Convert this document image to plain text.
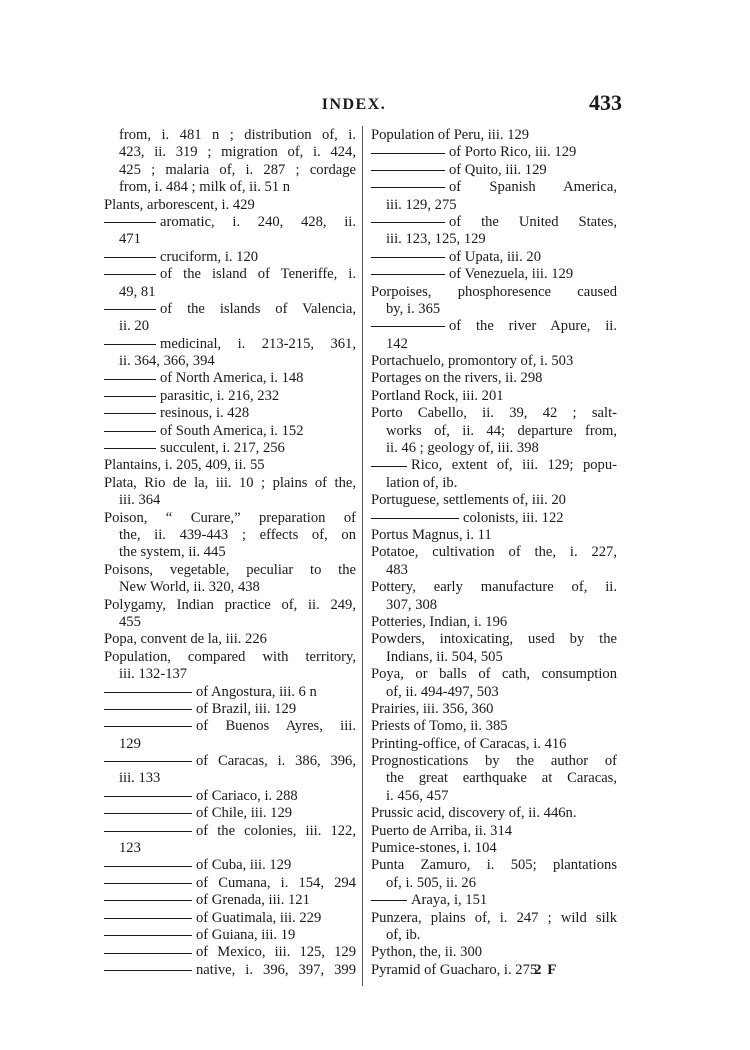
INDEX.	433
from, i. 481 n ; distribution of, i.
423, ii. 319 ; migration of, i. 424,
425 ; malaria of, i. 287 ; cordage
from, i. 484 ; milk of, ii. 51 n
Plants, arborescent, i. 429
aromatic, i. 240, 428, ii.
471
cruciform, i. 120
of the island of Teneriffe, i.
49, 81
of the islands of Valencia,
ii. 20
medicinal, i. 213-215, 361,
ii. 364, 366, 394
of North America, i. 148
parasitic, i. 216, 232
resinous, i. 428
of South America, i. 152
succulent, i. 217, 256
Plantains, i. 205, 409, ii. 55
Plata, Rio de la, iii. 10 ; plains of the,
iii. 364
Poison, “ Curare,” preparation of
the, ii. 439-443 ; effects of, on
the system, ii. 445
Poisons, vegetable, peculiar to the
New World, ii. 320, 438
Polygamy, Indian practice of, ii. 249,
455
Popa, convent de la, iii. 226
Population, compared with territory,
iii. 132-137
of Angostura, iii. 6 n
of Brazil, iii. 129
of Buenos Ayres, iii.
129
of Caracas, i. 386, 396,
iii. 133
of Cariaco, i. 288
of Chile, iii. 129
of the colonies, iii. 122,
123
of Cuba, iii. 129
of Cumana, i. 154, 294
of Grenada, iii. 121
of Guatimala, iii. 229
of Guiana, iii. 19
of Mexico, iii. 125, 129
native, i. 396, 397, 399
Population of Peru, iii. 129
of Porto Rico, iii. 129
of Quito, iii. 129
of Spanish America,
iii. 129, 275
of the United States,
iii. 123, 125, 129
of Upata, iii. 20
of Venezuela, iii. 129
Porpoises, phosphoresence caused
by, i. 365
of the river Apure, ii.
142
Portachuelo, promontory of, i. 503
Portages on the rivers, ii. 298
Portland Rock, iii. 201
Porto Cabello, ii. 39, 42 ; salt-
works of, ii. 44; departure from,
ii. 46 ; geology of, iii. 398
Rico, extent of, iii. 129; popu-
lation of, ib.
Portuguese, settlements of, iii. 20
colonists, iii. 122
Portus Magnus, i. 11
Potatoe, cultivation of the, i. 227,
483
Pottery, early manufacture of, ii.
307, 308
Potteries, Indian, i. 196
Powders, intoxicating, used by the
Indians, ii. 504, 505
Poya, or balls of cath, consumption
of, ii. 494-497, 503
Prairies, iii. 356, 360
Priests of Tomo, ii. 385
Printing-office, of Caracas, i. 416
Prognostications by the author of
the great earthquake at Caracas,
i. 456, 457
Prussic acid, discovery of, ii. 446n.
Puerto de Arriba, ii. 314
Pumice-stones, i. 104
Punta Zamuro, i. 505; plantations
of, i. 505, ii. 26
Araya, i, 151
Punzera, plains of, i. 247 ; wild silk
of, ib.
Python, the, ii. 300
Pyramid of Guacharo, i. 275
2 F
